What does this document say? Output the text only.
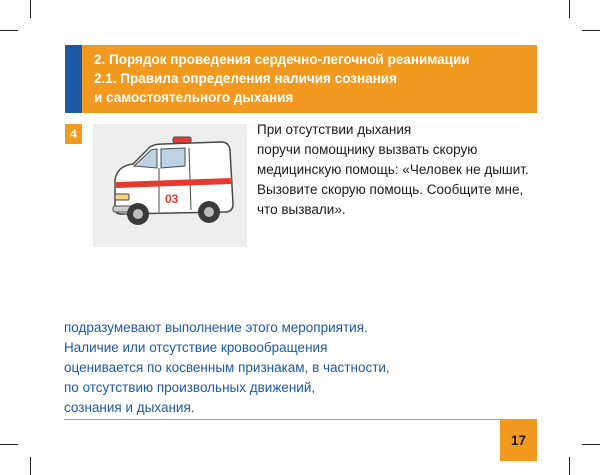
2. Порядок проведения сердечно-легочной реанимации
2.1. Правила определения наличия сознания
и самостоятельного дыхания
4
03
При отсутствии дыхания
поручи помощнику вызвать скорую
медицинскую помощь: «Человек не дышит.
Вызовите скорую помощь. Сообщите мне,
что вызвали».
подразумевают выполнение этого мероприятия.
Наличие или отсутствие кровообращения
оценивается по косвенным признакам, в частности,
по отсутствию произвольных движений,
сознания и дыхания.
17
